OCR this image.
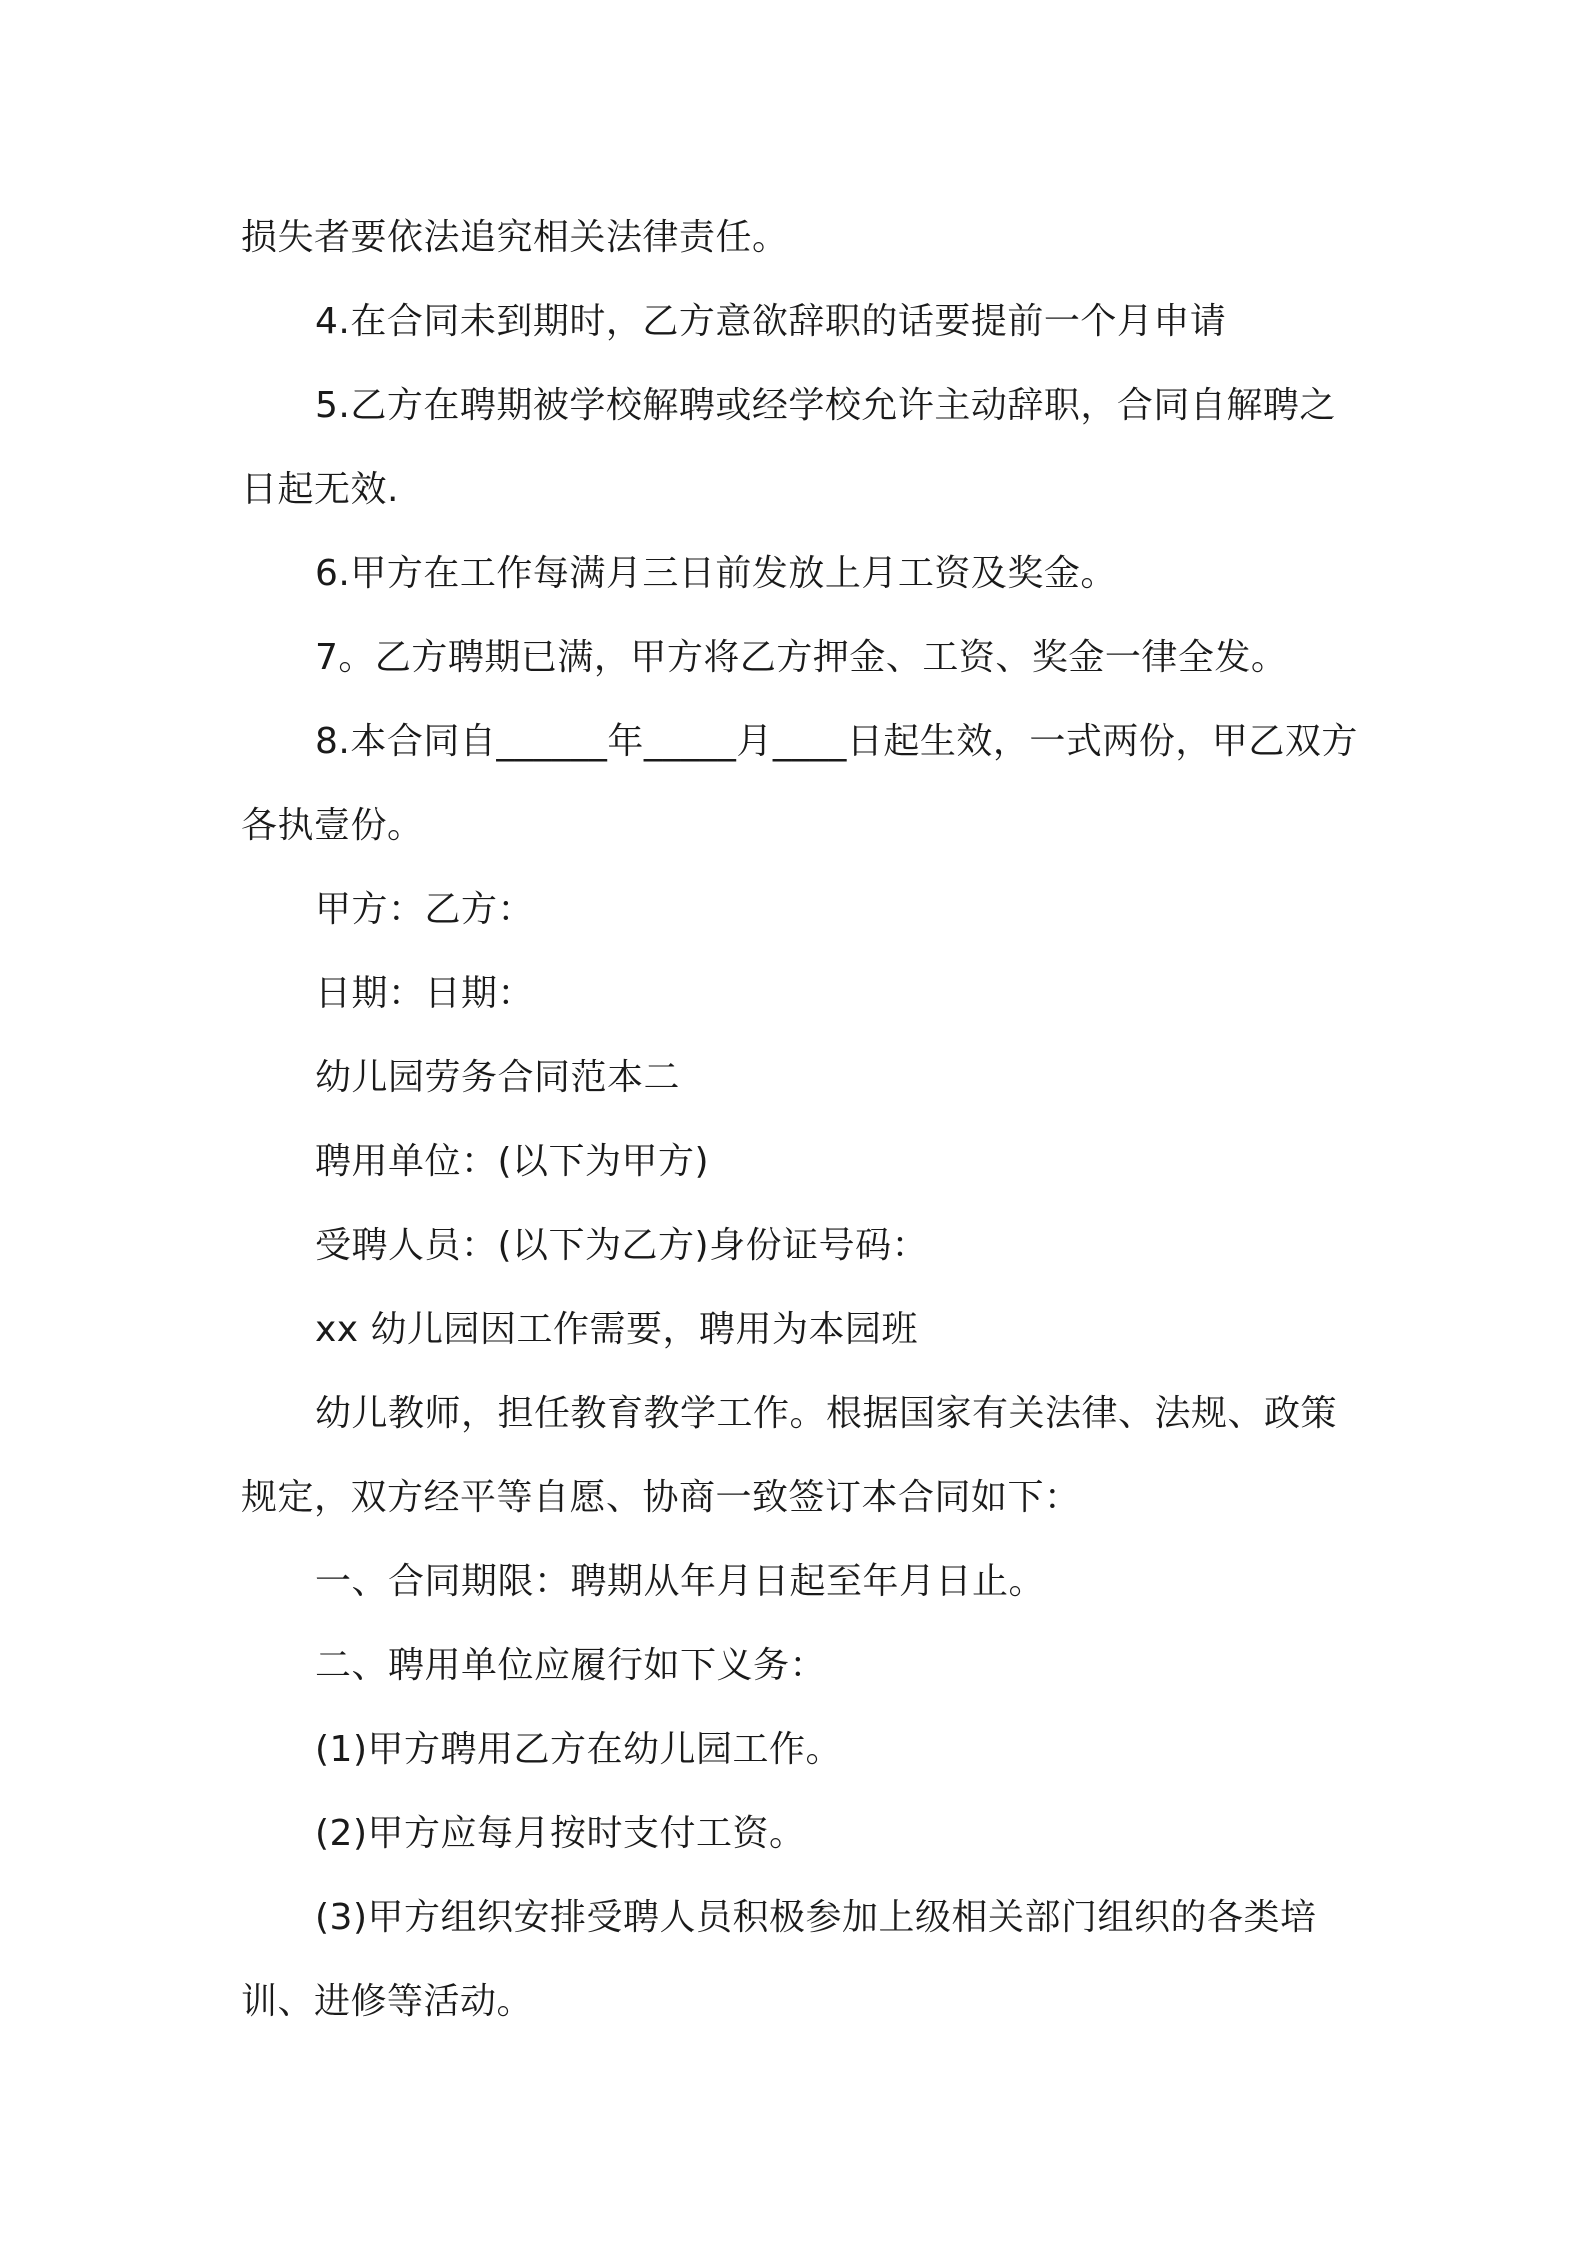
损失者要依法追究相关法律责任。

4.在合同未到期时，乙方意欲辞职的话要提前一个月申请

5.乙方在聘期被学校解聘或经学校允许主动辞职，合同自解聘之日起无效.

6.甲方在工作每满月三日前发放上月工资及奖金。

7。乙方聘期已满，甲方将乙方押金、工资、奖金一律全发。

8.本合同自______年_____月____日起生效，一式两份，甲乙双方各执壹份。

甲方：乙方：

日期：日期：

幼儿园劳务合同范本二

聘用单位：(以下为甲方)

受聘人员：(以下为乙方)身份证号码：

xx 幼儿园因工作需要，聘用为本园班

幼儿教师，担任教育教学工作。根据国家有关法律、法规、政策规定，双方经平等自愿、协商一致签订本合同如下：

一、合同期限：聘期从年月日起至年月日止。

二、聘用单位应履行如下义务：

(1)甲方聘用乙方在幼儿园工作。

(2)甲方应每月按时支付工资。

(3)甲方组织安排受聘人员积极参加上级相关部门组织的各类培训、进修等活动。
